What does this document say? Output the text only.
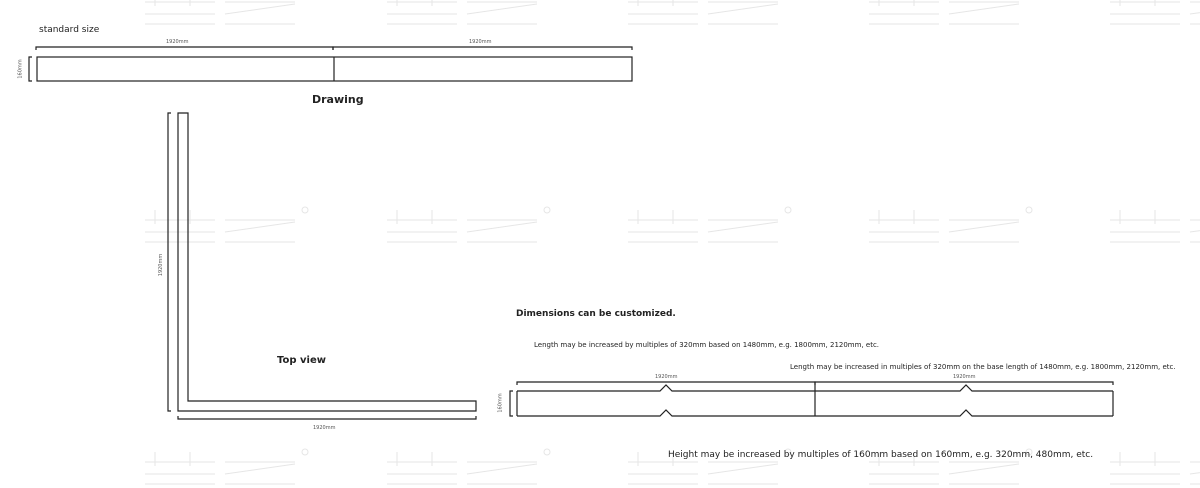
standard size
1920mm	1920mm
160mm
Drawing
1920mm
1920mm
Top view
Dimensions can be customized.
Length may be increased by multiples of 320mm based on 1480mm, e.g. 1800mm, 2120mm, etc.
Length may be increased in multiples of 320mm on the base length of 1480mm, e.g. 1800mm, 2120mm, etc.
1920mm	1920mm
160mm
Height may be increased by multiples of 160mm based on 160mm, e.g. 320mm, 480mm, etc.
